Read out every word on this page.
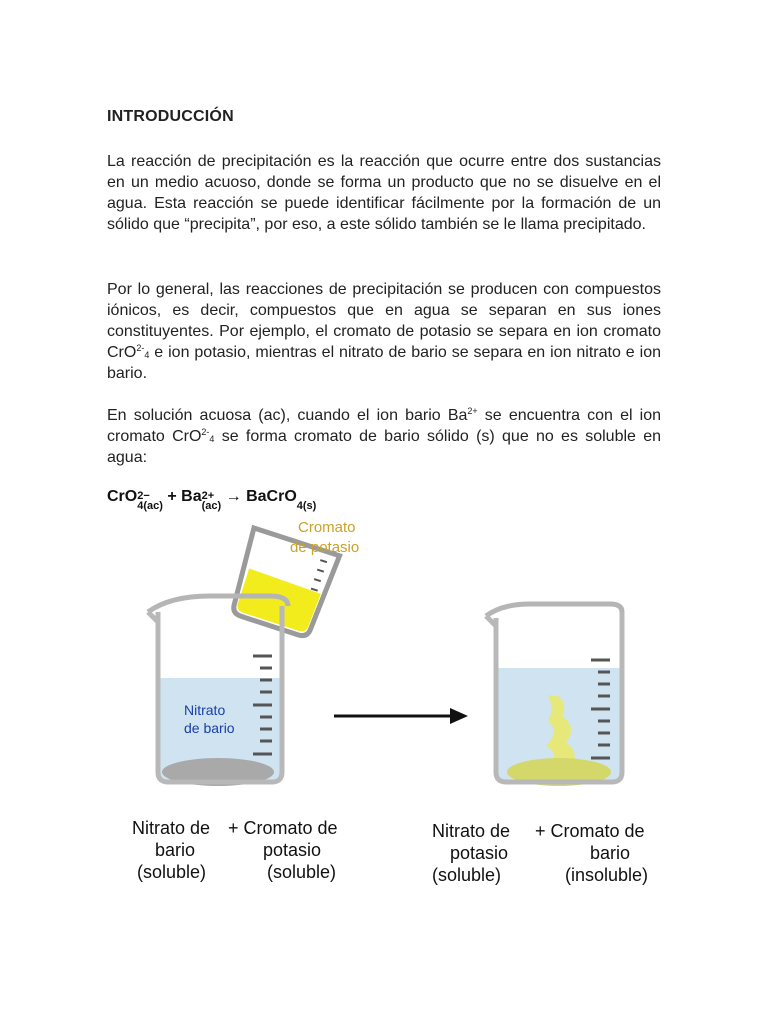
INTRODUCCIÓN

La reacción de precipitación es la reacción que ocurre entre dos sustancias en un medio acuoso, donde se forma un producto que no se disuelve en el agua. Esta reacción se puede identificar fácilmente por la formación de un sólido que “precipita”, por eso, a este sólido también se le llama precipitado.

Por lo general, las reacciones de precipitación se producen con compuestos iónicos, es decir, compuestos que en agua se separan en sus iones constituyentes. Por ejemplo, el cromato de potasio se separa en ion cromato CrO$^{2-}_4$ e ion potasio, mientras el nitrato de bario se separa en ion nitrato e ion bario.

En solución acuosa (ac), cuando el ion bario $Ba^{2+}$ se encuentra con el ion cromato CrO$^{2-}_4$ se forma cromato de bario sólido (s) que no es soluble en agua:

CrO 2−
4(ac)
+ Ba 2+
(ac)
→ BaCrO

4(s)
Cromato
de potasio
Nitrato
de bario
Nitrato de
bario
(soluble)
+ Cromato de
potasio
(soluble)
Nitrato de
potasio
(soluble)
+ Cromato de
bario
(insoluble)
